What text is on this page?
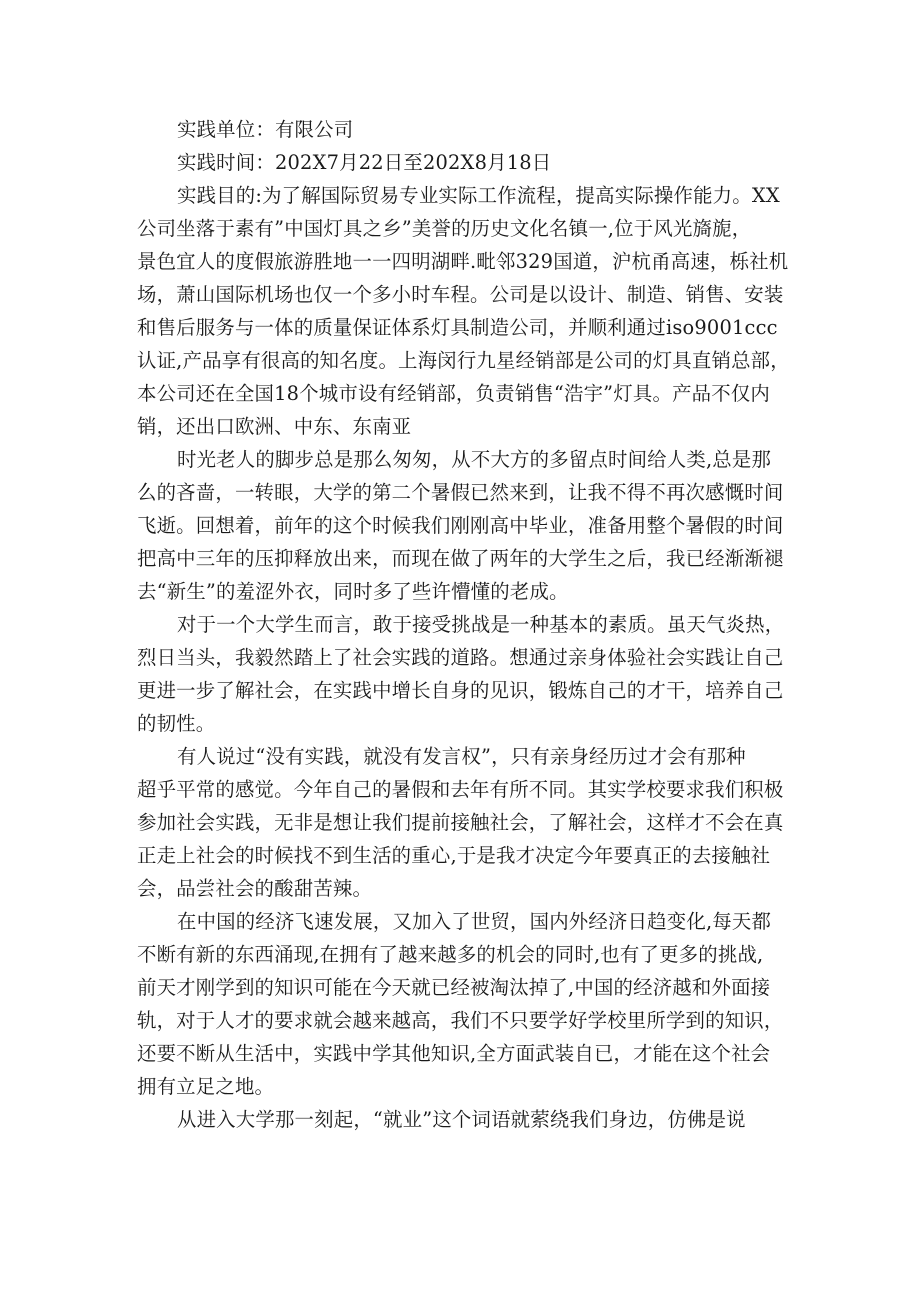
实践单位：有限公司
实践时间：202X7月22日至202X8月18日
实践目的:为了解国际贸易专业实际工作流程，提高实际操作能力。XX
公司坐落于素有”中国灯具之乡”美誉的历史文化名镇一,位于风光旖旎，
景色宜人的度假旅游胜地一一四明湖畔.毗邻329国道，沪杭甬高速，栎社机
场，萧山国际机场也仅一个多小时车程。公司是以设计、制造、销售、安装
和售后服务与一体的质量保证体系灯具制造公司，并顺利通过iso9001ccc
认证,产品享有很高的知名度。上海闵行九星经销部是公司的灯具直销总部，
本公司还在全国18个城市设有经销部，负责销售“浩宇”灯具。产品不仅内
销，还出口欧洲、中东、东南亚
时光老人的脚步总是那么匆匆，从不大方的多留点时间给人类,总是那
么的吝啬，一转眼，大学的第二个暑假已然来到，让我不得不再次感慨时间
飞逝。回想着，前年的这个时候我们刚刚高中毕业，准备用整个暑假的时间
把高中三年的压抑释放出来，而现在做了两年的大学生之后，我已经渐渐褪
去“新生”的羞涩外衣，同时多了些许懵懂的老成。
对于一个大学生而言，敢于接受挑战是一种基本的素质。虽天气炎热，
烈日当头，我毅然踏上了社会实践的道路。想通过亲身体验社会实践让自己
更进一步了解社会，在实践中增长自身的见识，锻炼自己的才干，培养自己
的韧性。
有人说过“没有实践，就没有发言权”，只有亲身经历过才会有那种
超乎平常的感觉。今年自己的暑假和去年有所不同。其实学校要求我们积极
参加社会实践，无非是想让我们提前接触社会，了解社会，这样才不会在真
正走上社会的时候找不到生活的重心,于是我才决定今年要真正的去接触社
会，品尝社会的酸甜苦辣。
在中国的经济飞速发展，又加入了世贸，国内外经济日趋变化,每天都
不断有新的东西涌现,在拥有了越来越多的机会的同时,也有了更多的挑战,
前天才刚学到的知识可能在今天就已经被淘汰掉了,中国的经济越和外面接
轨，对于人才的要求就会越来越高，我们不只要学好学校里所学到的知识，
还要不断从生活中，实践中学其他知识,全方面武装自已，才能在这个社会
拥有立足之地。
从进入大学那一刻起，“就业”这个词语就萦绕我们身边，仿佛是说
